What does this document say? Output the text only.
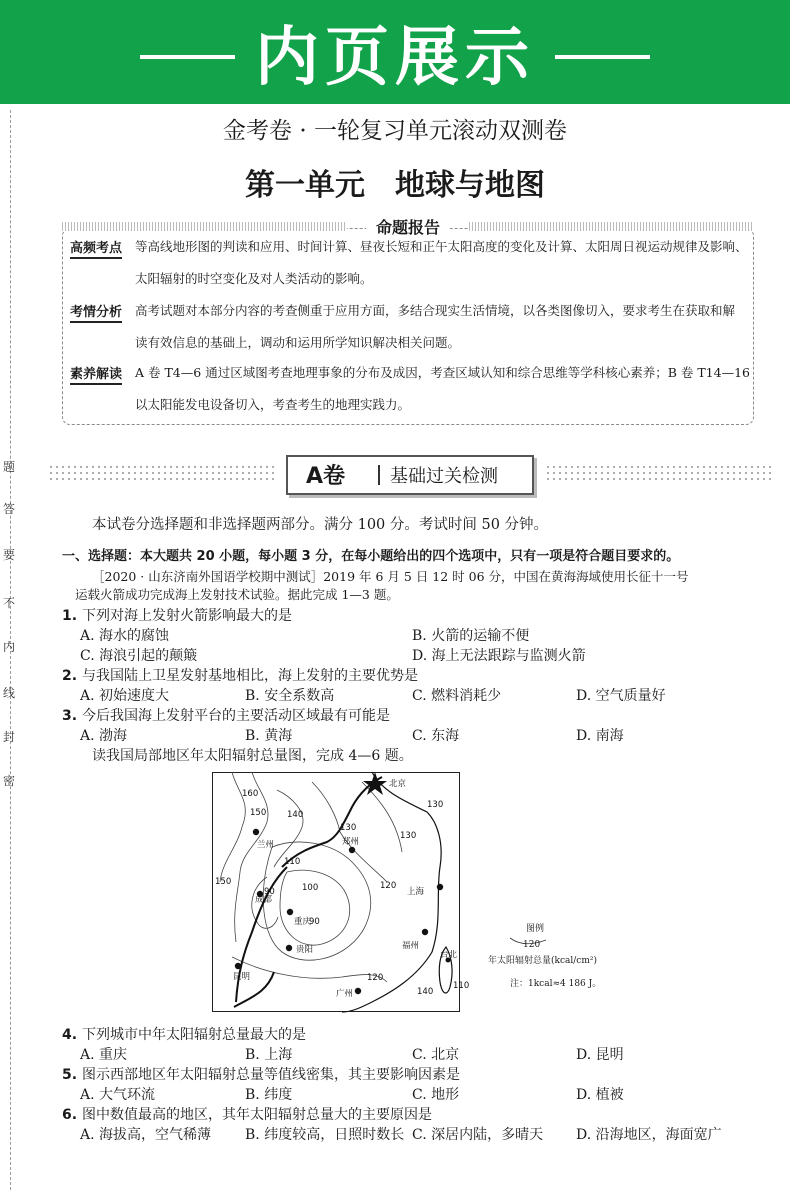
内页展示
题
答
要
不
内
线
封
密
金考卷 · 一轮复习单元滚动双测卷
第一单元　地球与地图
命题报告
高频考点 等高线地形图的判读和应用、时间计算、昼夜长短和正午太阳高度的变化及计算、太阳周日视运动规律及影响、
太阳辐射的时空变化及对人类活动的影响。
考情分析 高考试题对本部分内容的考查侧重于应用方面，多结合现实生活情境，以各类图像切入，要求考生在获取和解
读有效信息的基础上，调动和运用所学知识解决相关问题。
素养解读 A 卷 T4—6 通过区域图考查地理事象的分布及成因，考查区域认知和综合思维等学科核心素养；B 卷 T14—16
以太阳能发电设备切入，考查考生的地理实践力。
A卷 基础过关检测
本试卷分选择题和非选择题两部分。满分 100 分。考试时间 50 分钟。
一、选择题：本大题共 20 小题，每小题 3 分，在每小题给出的四个选项中，只有一项是符合题目要求的。
［2020 · 山东济南外国语学校期中测试］2019 年 6 月 5 日 12 时 06 分，中国在黄海海域使用长征十一号
运载火箭成功完成海上发射技术试验。据此完成 1—3 题。
1. 下列对海上发射火箭影响最大的是
A. 海水的腐蚀	B. 火箭的运输不便
C. 海浪引起的颠簸	D. 海上无法跟踪与监测火箭
2. 与我国陆上卫星发射基地相比，海上发射的主要优势是
A. 初始速度大	B. 安全系数高	C. 燃料消耗少	D. 空气质量好
3. 今后我国海上发射平台的主要活动区域最有可能是
A. 渤海	B. 黄海	C. 东海	D. 南海
读我国局部地区年太阳辐射总量图，完成 4—6 题。
北京
兰州	郑州
成都
重庆
贵阳
上海
福州
台北
昆明
广州
160
150 140
130
130
110
100
90
90
150	120
120
140
110
130
图例
120
年太阳辐射总量(kcal/cm²)
注：1kcal≈4 186 J。
4. 下列城市中年太阳辐射总量最大的是
A. 重庆	B. 上海	C. 北京	D. 昆明
5. 图示西部地区年太阳辐射总量等值线密集，其主要影响因素是
A. 大气环流	B. 纬度	C. 地形	D. 植被
6. 图中数值最高的地区，其年太阳辐射总量大的主要原因是
A. 海拔高，空气稀薄 B. 纬度较高，日照时数长 C. 深居内陆，多晴天 D. 沿海地区，海面宽广
